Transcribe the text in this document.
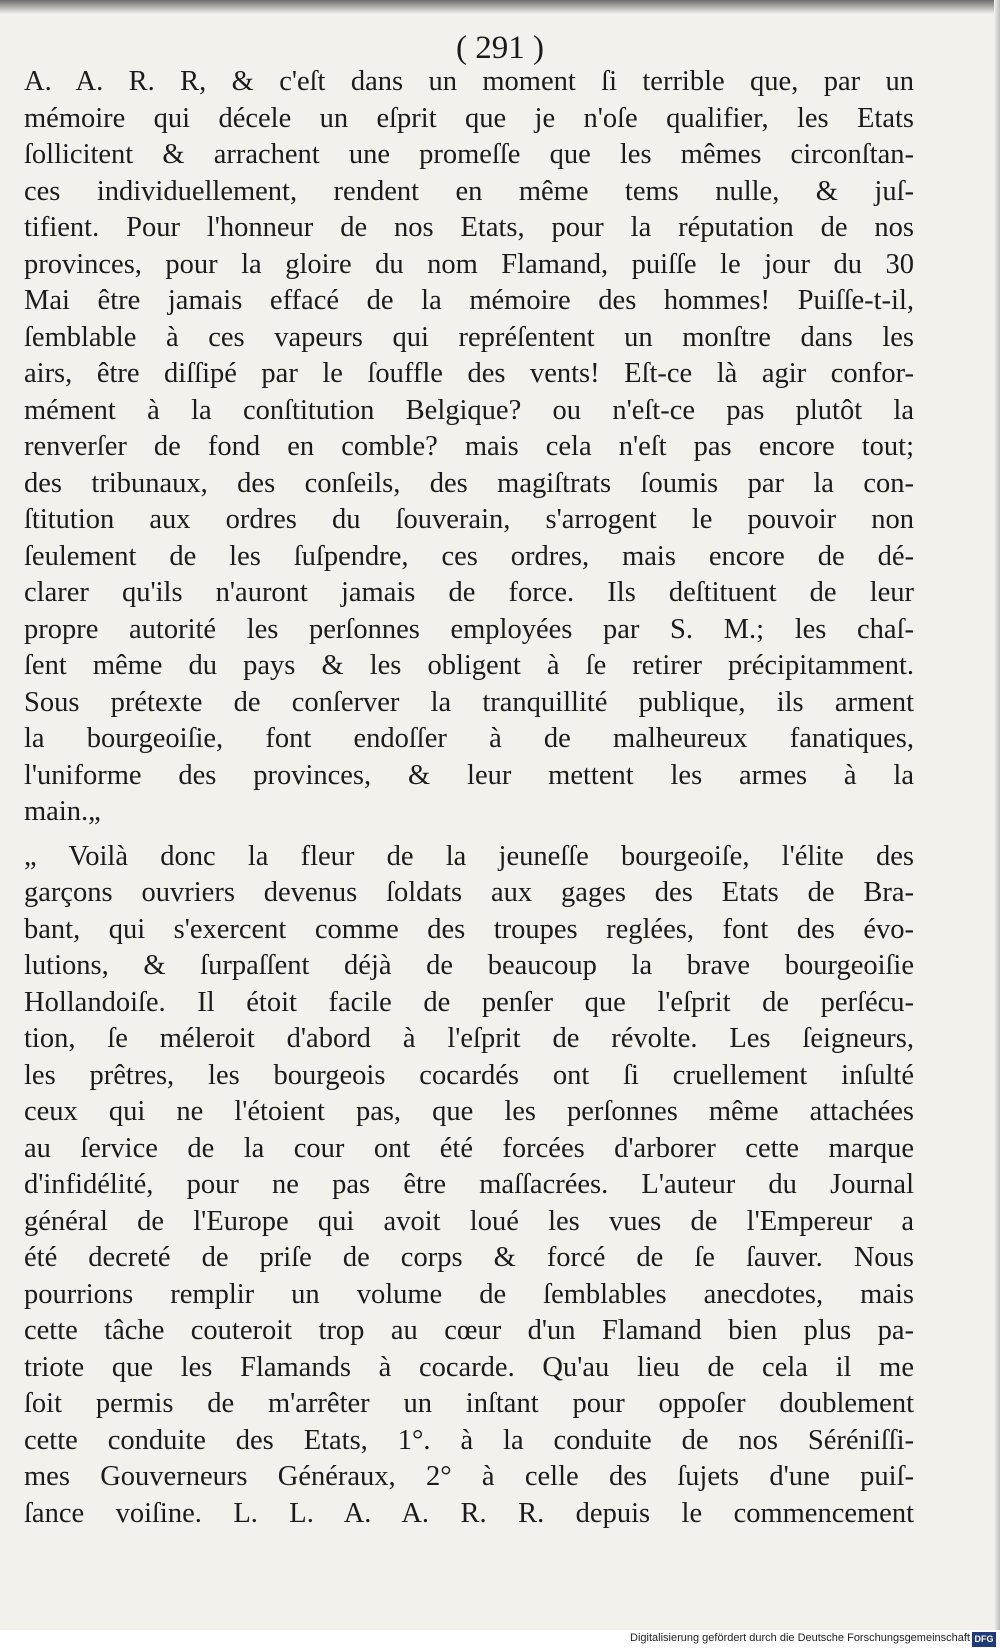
( 291 )
A. A. R. R, & c'eſt dans un moment ſi terrible que, par un
mémoire qui décele un eſprit que je n'oſe qualifier, les Etats
ſollicitent & arrachent une promeſſe que les mêmes circonſtan-
ces individuellement, rendent en même tems nulle, & juſ-
tifient. Pour l'honneur de nos Etats, pour la réputation de nos
provinces, pour la gloire du nom Flamand, puiſſe le jour du 30
Mai être jamais effacé de la mémoire des hommes! Puiſſe-t-il,
ſemblable à ces vapeurs qui repréſentent un monſtre dans les
airs, être diſſipé par le ſouffle des vents! Eſt-ce là agir confor-
mément à la conſtitution Belgique? ou n'eſt-ce pas plutôt la
renverſer de fond en comble? mais cela n'eſt pas encore tout;
des tribunaux, des conſeils, des magiſtrats ſoumis par la con-
ſtitution aux ordres du ſouverain, s'arrogent le pouvoir non
ſeulement de les ſuſpendre, ces ordres, mais encore de dé-
clarer qu'ils n'auront jamais de force. Ils deſtituent de leur
propre autorité les perſonnes employées par S. M.; les chaſ-
ſent même du pays & les obligent à ſe retirer précipitamment.
Sous prétexte de conſerver la tranquillité publique, ils arment
la bourgeoiſie, font endoſſer à de malheureux fanatiques,
l'uniforme des provinces, & leur mettent les armes à la
main.„
„ Voilà donc la fleur de la jeuneſſe bourgeoiſe, l'élite des
garçons ouvriers devenus ſoldats aux gages des Etats de Bra-
bant, qui s'exercent comme des troupes reglées, font des évo-
lutions, & ſurpaſſent déjà de beaucoup la brave bourgeoiſie
Hollandoiſe. Il étoit facile de penſer que l'eſprit de perſécu-
tion, ſe méleroit d'abord à l'eſprit de révolte. Les ſeigneurs,
les prêtres, les bourgeois cocardés ont ſi cruellement inſulté
ceux qui ne l'étoient pas, que les perſonnes même attachées
au ſervice de la cour ont été forcées d'arborer cette marque
d'infidélité, pour ne pas être maſſacrées. L'auteur du Journal
général de l'Europe qui avoit loué les vues de l'Empereur a
été decreté de priſe de corps & forcé de ſe ſauver. Nous
pourrions remplir un volume de ſemblables anecdotes, mais
cette tâche couteroit trop au cœur d'un Flamand bien plus pa-
triote que les Flamands à cocarde. Qu'au lieu de cela il me
ſoit permis de m'arrêter un inſtant pour oppoſer doublement
cette conduite des Etats, 1°. à la conduite de nos Séréniſſi-
mes Gouverneurs Généraux, 2° à celle des ſujets d'une puiſ-
ſance voiſine. L. L. A. A. R. R. depuis le commencement
Digitalisierung gefördert durch die Deutsche Forschungsgemeinschaft DFG
